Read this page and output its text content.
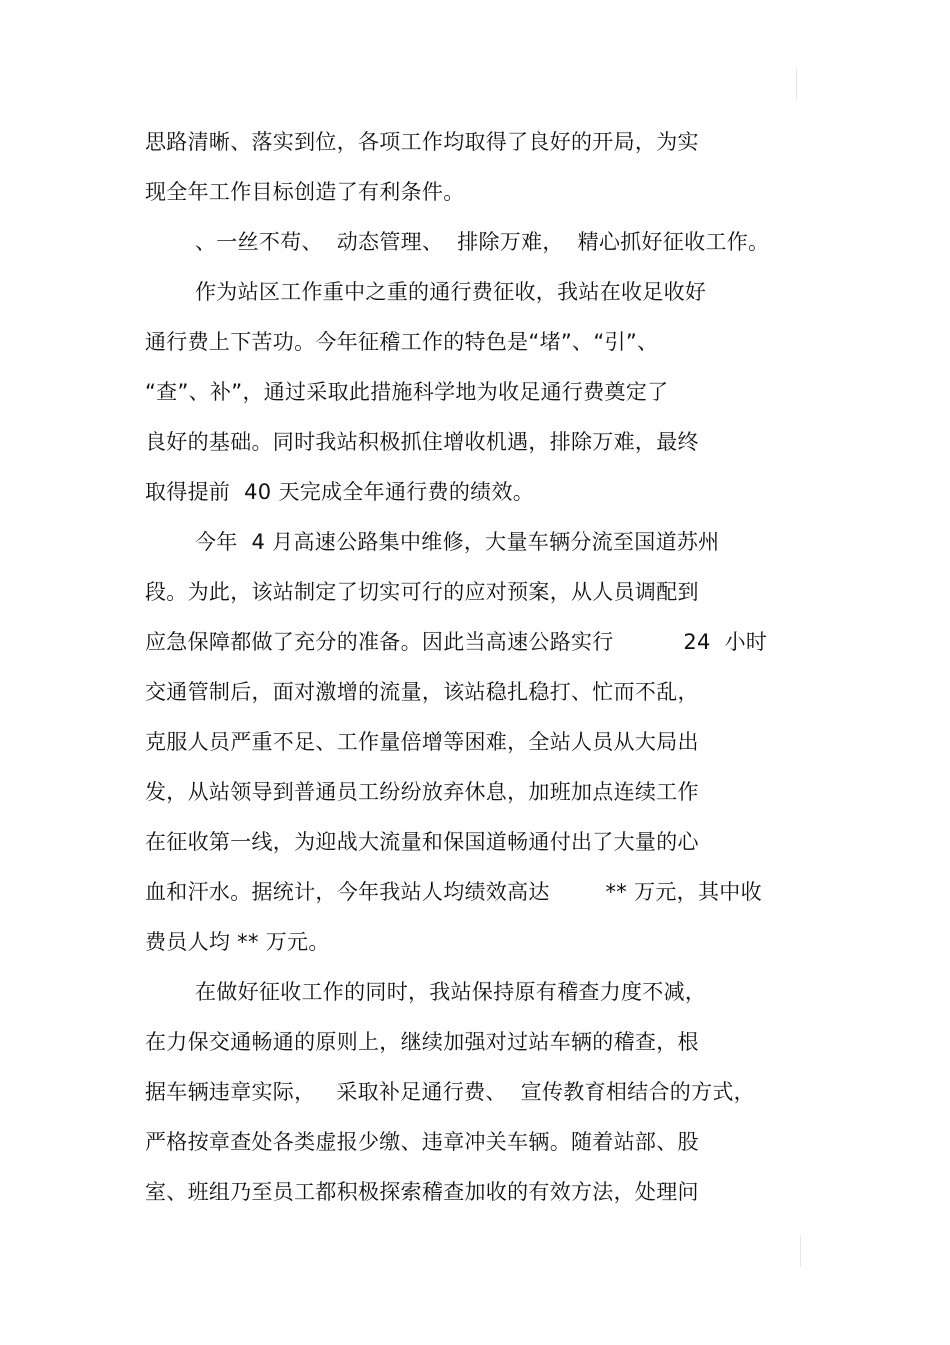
思路清晰、落实到位，各项工作均取得了良好的开局，为实
现全年工作目标创造了有利条件。
、一丝不苟、  动态管理、  排除万难，  精心抓好征收工作。
作为站区工作重中之重的通行费征收，我站在收足收好
通行费上下苦功。今年征稽工作的特色是“堵”、“引”、
“查”、补”，通过采取此措施科学地为收足通行费奠定了
良好的基础。同时我站积极抓住增收机遇，排除万难，最终
取得提前  40 天完成全年通行费的绩效。
今年  4 月高速公路集中维修，大量车辆分流至国道苏州
段。为此，该站制定了切实可行的应对预案，从人员调配到
应急保障都做了充分的准备。因此当高速公路实行          24  小时
交通管制后，面对激增的流量，该站稳扎稳打、忙而不乱，
克服人员严重不足、工作量倍增等困难，全站人员从大局出
发，从站领导到普通员工纷纷放弃休息，加班加点连续工作
在征收第一线，为迎战大流量和保国道畅通付出了大量的心
血和汗水。据统计，今年我站人均绩效高达        ** 万元，其中收
费员人均 ** 万元。
在做好征收工作的同时，我站保持原有稽查力度不减，
在力保交通畅通的原则上，继续加强对过站车辆的稽查，根
据车辆违章实际，   采取补足通行费、  宣传教育相结合的方式，
严格按章查处各类虚报少缴、违章冲关车辆。随着站部、股
室、班组乃至员工都积极探索稽查加收的有效方法，处理问
